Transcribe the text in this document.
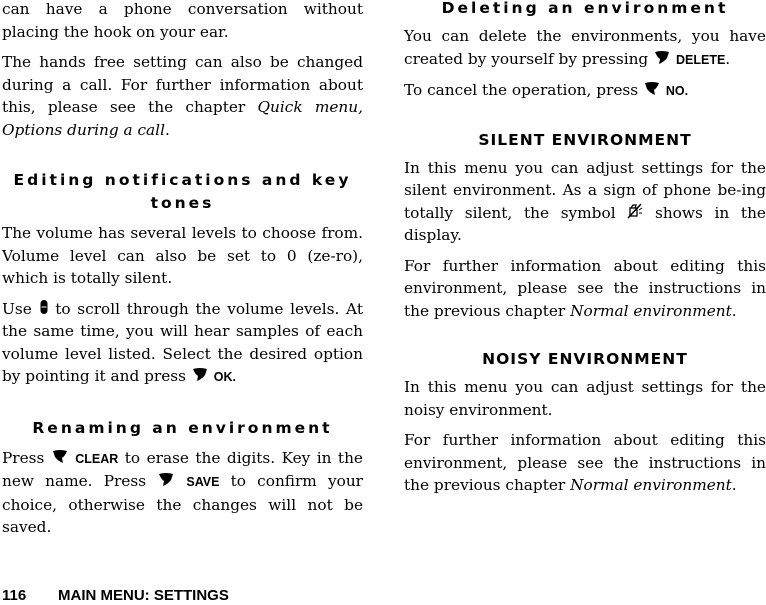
can have a phone conversation without placing the hook on your ear.

The hands free setting can also be changed during a call. For further information about this, please see the chapter Quick menu, Options during a call.

Editing notifications and key tones

The volume has several levels to choose from. Volume level can also be set to 0 (ze-ro), which is totally silent.

Use to scroll through the volume levels. At the same time, you will hear samples of each volume level listed. Select the desired option by pointing it and press OK.

Renaming an environment

Press CLEAR to erase the digits. Key in the new name. Press	SAVE to confirm your choice, otherwise the changes will not be saved.

Deleting an environment

You can delete the environments, you have created by yourself by pressing DELETE.

To cancel the operation, press NO.

SILENT ENVIRONMENT

In this menu you can adjust settings for the silent environment. As a sign of phone be-ing totally silent, the symbol	shows in the display.

For further information about editing this environment, please see the instructions in the previous chapter Normal environment.

NOISY ENVIRONMENT

In this menu you can adjust settings for the noisy environment.

For further information about editing this environment, please see the instructions in the previous chapter Normal environment.

116 MAIN MENU: SETTINGS
